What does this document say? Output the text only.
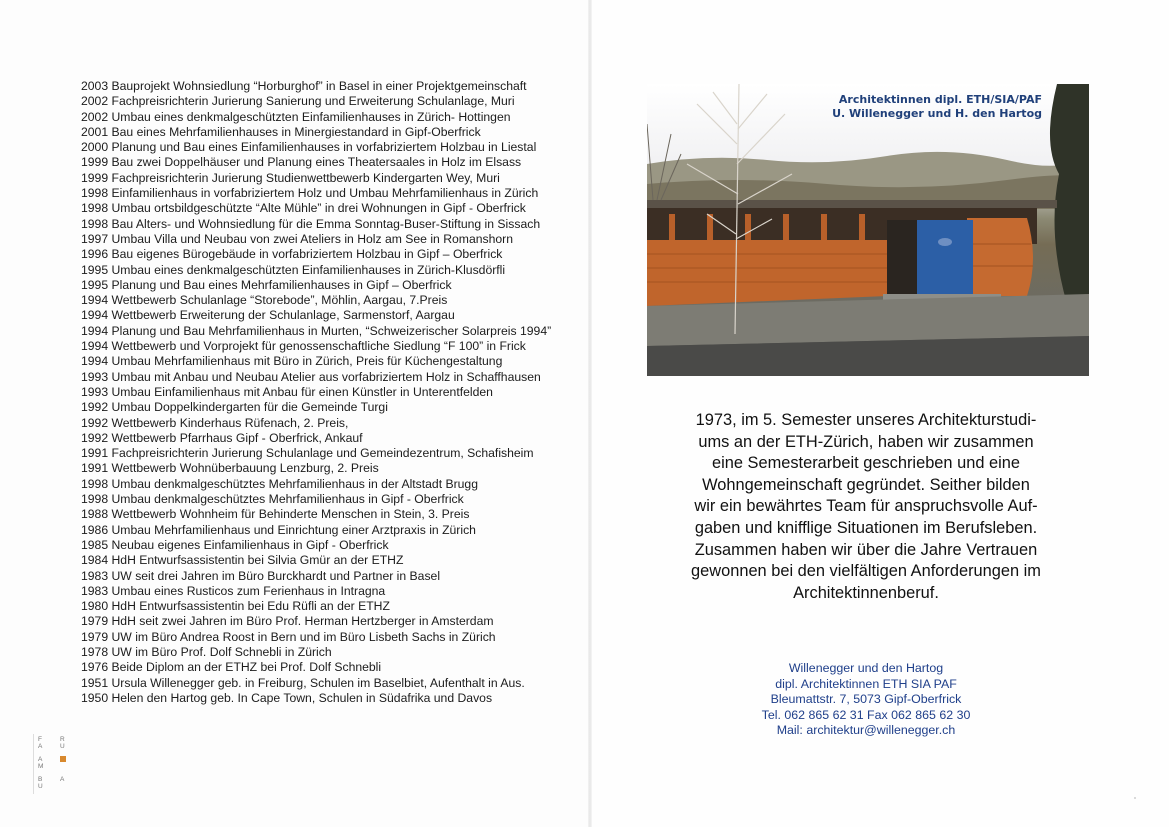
2003 Bauprojekt Wohnsiedlung “Horburghof” in Basel in einer Projektgemeinschaft
2002 Fachpreisrichterin Jurierung Sanierung und Erweiterung Schulanlage, Muri
2002 Umbau eines denkmalgeschützten Einfamilienhauses in Zürich- Hottingen
2001 Bau eines Mehrfamilienhauses in Minergiestandard in Gipf-Oberfrick
2000 Planung und Bau eines Einfamilienhauses in vorfabriziertem Holzbau in Liestal
1999 Bau zwei Doppelhäuser und Planung eines Theatersaales in Holz im Elsass
1999 Fachpreisrichterin Jurierung Studienwettbewerb Kindergarten Wey, Muri
1998 Einfamilienhaus in vorfabriziertem Holz und Umbau Mehrfamilienhaus in Zürich
1998 Umbau ortsbildgeschützte “Alte Mühle” in drei Wohnungen in Gipf - Oberfrick
1998 Bau Alters- und Wohnsiedlung für die Emma Sonntag-Buser-Stiftung in Sissach
1997 Umbau Villa und Neubau von zwei Ateliers in Holz am See in Romanshorn
1996 Bau eigenes Bürogebäude in vorfabriziertem Holzbau in Gipf – Oberfrick
1995 Umbau eines denkmalgeschützten Einfamilienhauses in Zürich-Klusdörfli
1995 Planung und Bau eines Mehrfamilienhauses in Gipf – Oberfrick
1994 Wettbewerb Schulanlage “Storebode”, Möhlin, Aargau, 7.Preis
1994 Wettbewerb Erweiterung der Schulanlage, Sarmenstorf, Aargau
1994 Planung und Bau Mehrfamilienhaus in Murten, “Schweizerischer Solarpreis 1994”
1994 Wettbewerb und Vorprojekt für genossenschaftliche Siedlung “F 100” in Frick
1994 Umbau Mehrfamilienhaus mit Büro in Zürich, Preis für Küchengestaltung
1993 Umbau mit Anbau und Neubau Atelier aus vorfabriziertem Holz in Schaffhausen
1993 Umbau Einfamilienhaus mit Anbau für einen Künstler in Unterentfelden
1992 Umbau Doppelkindergarten für die Gemeinde Turgi
1992 Wettbewerb Kinderhaus Rüfenach, 2. Preis,
1992 Wettbewerb Pfarrhaus Gipf - Oberfrick, Ankauf
1991 Fachpreisrichterin Jurierung Schulanlage und Gemeindezentrum, Schafisheim
1991 Wettbewerb Wohnüberbauung Lenzburg, 2. Preis
1998 Umbau denkmalgeschütztes Mehrfamilienhaus in der Altstadt Brugg
1998 Umbau denkmalgeschütztes Mehrfamilienhaus in Gipf - Oberfrick
1988 Wettbewerb Wohnheim für Behinderte Menschen in Stein, 3. Preis
1986 Umbau Mehrfamilienhaus und Einrichtung einer Arztpraxis in Zürich
1985 Neubau eigenes Einfamilienhaus in Gipf - Oberfrick
1984 HdH Entwurfsassistentin bei Silvia Gmür an der ETHZ
1983 UW seit drei Jahren im Büro Burckhardt und Partner in Basel
1983 Umbau eines Rusticos zum Ferienhaus in Intragna
1980 HdH Entwurfsassistentin bei Edu Rüfli an der ETHZ
1979 HdH seit zwei Jahren im Büro Prof. Herman Hertzberger in Amsterdam
1979 UW im Büro Andrea Roost in Bern und im Büro Lisbeth Sachs in Zürich
1978 UW im Büro Prof. Dolf Schnebli in Zürich
1976 Beide Diplom an der ETHZ bei Prof. Dolf Schnebli
1951 Ursula Willenegger geb. in Freiburg, Schulen im Baselbiet, Aufenthalt in Aus.
1950 Helen den Hartog geb. In Cape Town, Schulen in Südafrika und Davos
F	RA	U
AM
B	AU
Architektinnen dipl. ETH/SIA/PAF
U. Willenegger und H. den Hartog
1973, im 5. Semester unseres Architekturstudi-
ums an der ETH-Zürich, haben wir zusammen
eine Semesterarbeit geschrieben und eine
Wohngemeinschaft gegründet. Seither bilden
wir ein bewährtes Team für anspruchsvolle Auf-
gaben und knifflige Situationen im Berufsleben.
Zusammen haben wir über die Jahre Vertrauen
gewonnen bei den vielfältigen Anforderungen im
Architektinnenberuf.
Willenegger und den Hartog
dipl. Architektinnen ETH SIA PAF
Bleumattstr. 7, 5073 Gipf-Oberfrick
Tel. 062 865 62 31 Fax 062 865 62 30
Mail: architektur@willenegger.ch
